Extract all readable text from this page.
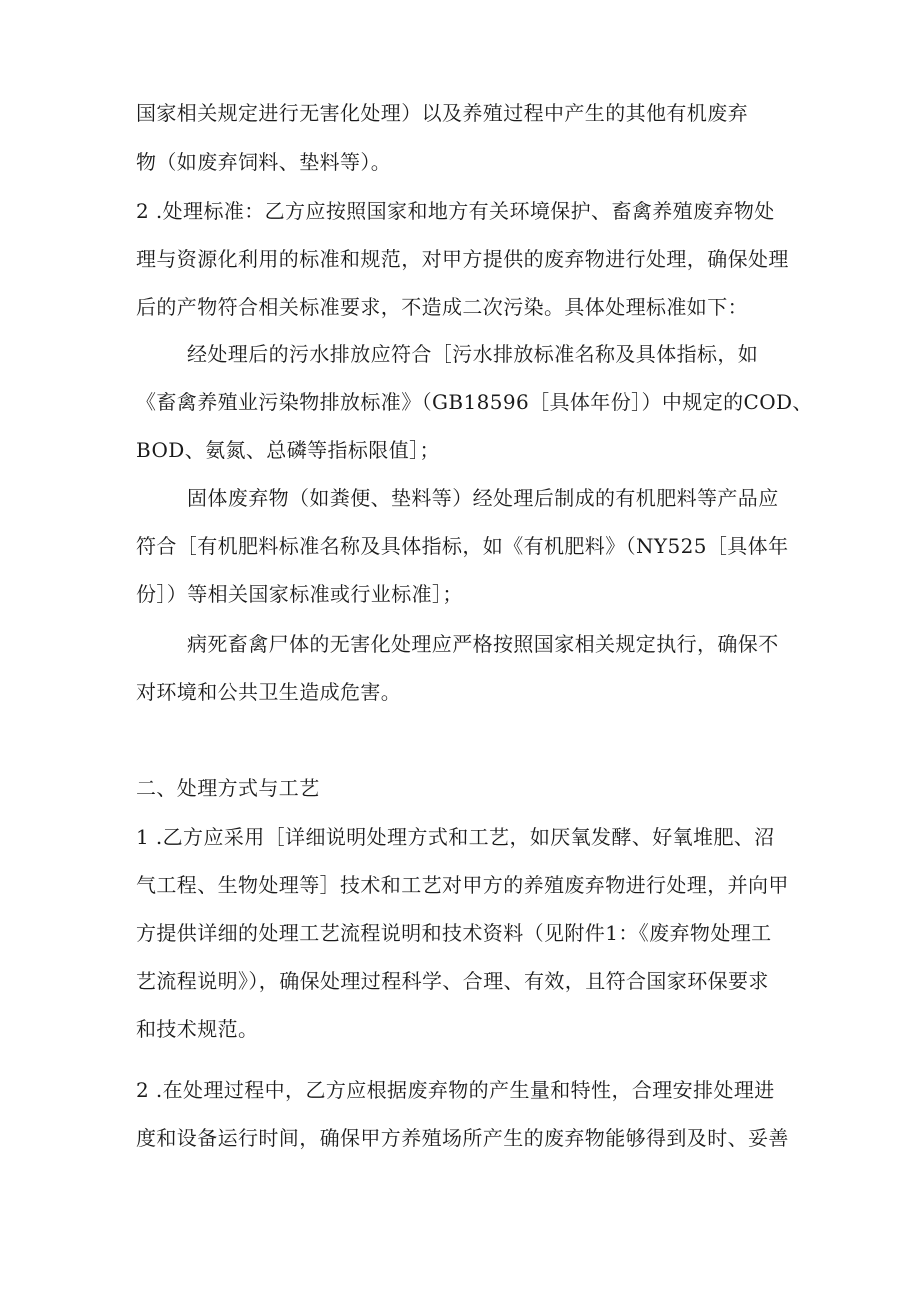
国家相关规定进行无害化处理）以及养殖过程中产生的其他有机废弃
物（如废弃饲料、垫料等）。
2 .处理标准：乙方应按照国家和地方有关环境保护、畜禽养殖废弃物处
理与资源化利用的标准和规范，对甲方提供的废弃物进行处理，确保处理
后的产物符合相关标准要求，不造成二次污染。具体处理标准如下：
经处理后的污水排放应符合［污水排放标准名称及具体指标，如
《畜禽养殖业污染物排放标准》（GB18596［具体年份］）中规定的COD、
BOD、氨氮、总磷等指标限值］；
固体废弃物（如粪便、垫料等）经处理后制成的有机肥料等产品应
符合［有机肥料标准名称及具体指标，如《有机肥料》（NY525［具体年
份］）等相关国家标准或行业标准］；
病死畜禽尸体的无害化处理应严格按照国家相关规定执行，确保不
对环境和公共卫生造成危害。
二、处理方式与工艺
1 .乙方应采用［详细说明处理方式和工艺，如厌氧发酵、好氧堆肥、沼
气工程、生物处理等］技术和工艺对甲方的养殖废弃物进行处理，并向甲
方提供详细的处理工艺流程说明和技术资料（见附件1：《废弃物处理工
艺流程说明》），确保处理过程科学、合理、有效，且符合国家环保要求
和技术规范。
2 .在处理过程中，乙方应根据废弃物的产生量和特性，合理安排处理进
度和设备运行时间，确保甲方养殖场所产生的废弃物能够得到及时、妥善
